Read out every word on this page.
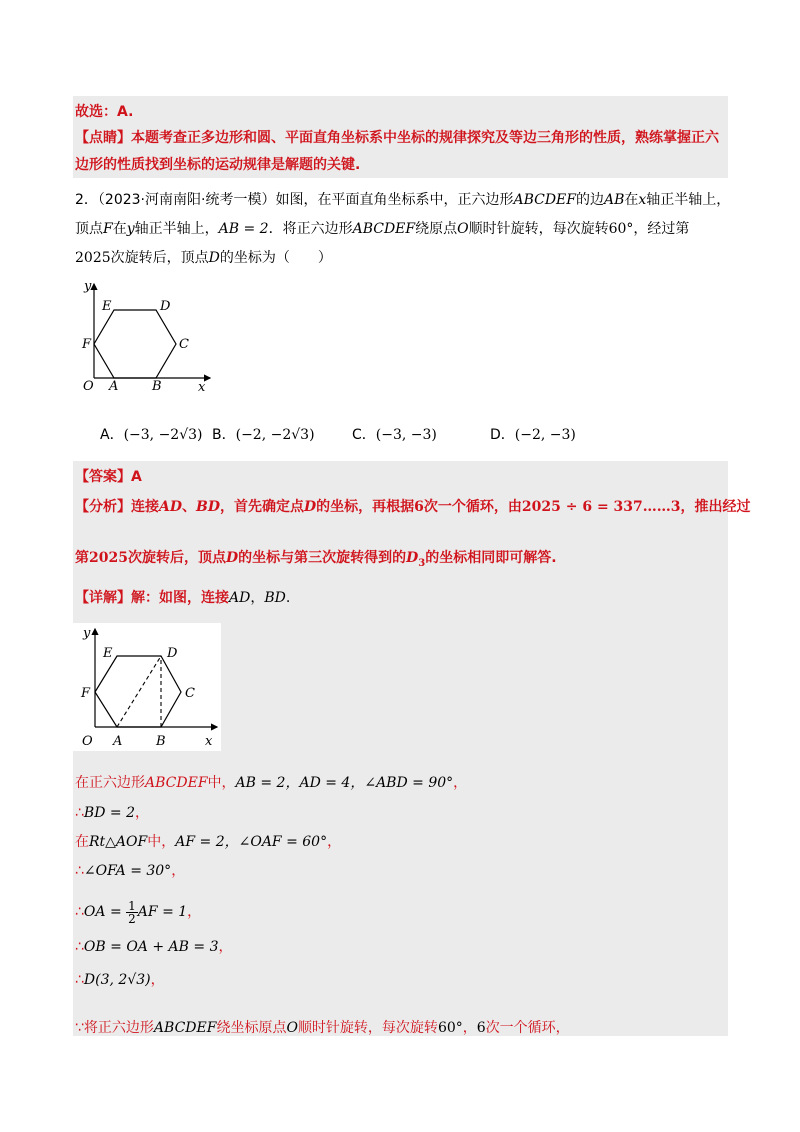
故选：A.
【点睛】本题考查正多边形和圆、平面直角坐标系中坐标的规律探究及等边三角形的性质，熟练掌握正六
边形的性质找到坐标的运动规律是解题的关键.
2．（2023·河南南阳·统考一模）如图，在平面直角坐标系中，正六边形ABCDEF的边AB在x轴正半轴上，
顶点F在y轴正半轴上，AB = 2．将正六边形ABCDEF绕原点O顺时针旋转，每次旋转60°，经过第
2025次旋转后，顶点D的坐标为（　　）
y
x
O A	B
C
D
E
F
A．(−3, −2√3) B．(−2, −2√3)	C．(−3, −3)	D．(−2, −3)
【答案】A
【分析】连接AD、BD，首先确定点D的坐标，再根据6次一个循环，由2025 ÷ 6 = 337……3，推出经过
第2025次旋转后，顶点D的坐标与第三次旋转得到的$D_3$的坐标相同即可解答.
【详解】解：如图，连接AD，BD.
y
x
O A	B
C
D
E
F
在正六边形ABCDEF中，AB = 2，AD = 4，∠ABD = 90°，
∴BD = 2，
在Rt△AOF中，AF = 2，∠OAF = 60°，
∴∠OFA = 30°，
∴OA = $\frac{1}{2}$ AF = 1，
∴OB = OA + AB = 3，
∴D(3, 2√3)，
∵将正六边形ABCDEF绕坐标原点O顺时针旋转，每次旋转60°，6次一个循环，
